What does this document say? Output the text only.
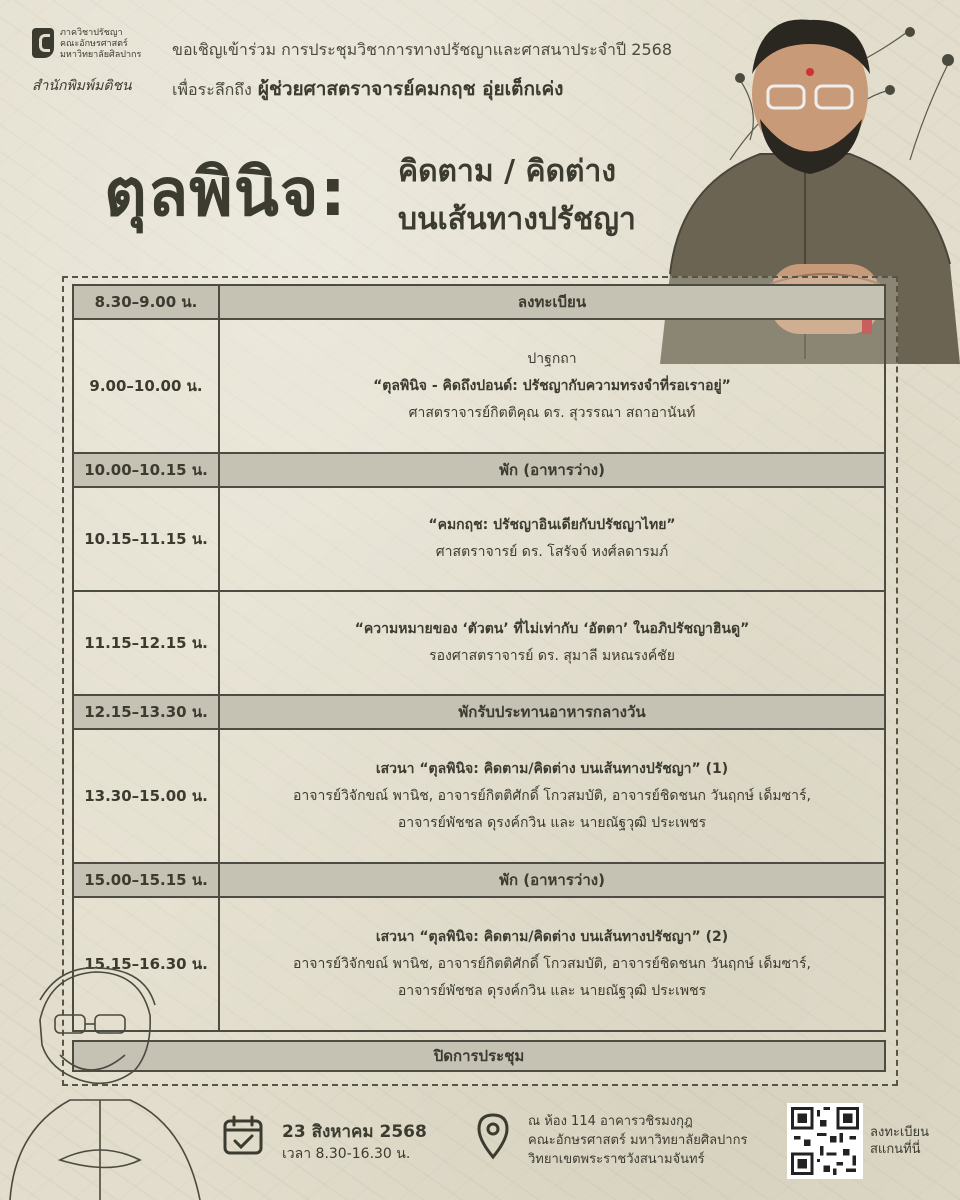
ภาควิชาปรัชญา
คณะอักษรศาสตร์
มหาวิทยาลัยศิลปากร
สำนักพิมพ์มติชน
ขอเชิญเข้าร่วม การประชุมวิชาการทางปรัชญาและศาสนาประจำปี 2568
เพื่อระลึกถึง ผู้ช่วยศาสตราจารย์คมกฤช อุ่ยเต็กเค่ง
ตุลพินิจ: คิดตาม / คิดต่าง
บนเส้นทางปรัชญา
8.30–9.00 น.	ลงทะเบียน
9.00–10.00 น.	ปาฐกถา
“ตุลพินิจ - คิดถึงปอนด์: ปรัชญากับความทรงจำที่รอเราอยู่”
ศาสตราจารย์กิตติคุณ ดร. สุวรรณา สถาอานันท์

10.00–10.15 น.	พัก (อาหารว่าง)
10.15–11.15 น.	“คมกฤช: ปรัชญาอินเดียกับปรัชญาไทย”
ศาสตราจารย์ ดร. โสรัจจ์ หงศ์ลดารมภ์

11.15–12.15 น.	“ความหมายของ ‘ตัวตน’ ที่ไม่เท่ากับ ‘อัตตา’ ในอภิปรัชญาฮินดู”
รองศาสตราจารย์ ดร. สุมาลี มหณรงค์ชัย

12.15–13.30 น.	พักรับประทานอาหารกลางวัน
13.30–15.00 น.	เสวนา “ตุลพินิจ: คิดตาม/คิดต่าง บนเส้นทางปรัชญา” (1)
อาจารย์วิจักขณ์ พานิช, อาจารย์กิตติศักดิ์ โกวสมบัติ, อาจารย์ชิดชนก วันฤกษ์ เด็มซาร์,
อาจารย์พัชชล ดุรงค์กวิน และ นายณัฐวุฒิ ประเพชร

15.00–15.15 น.	พัก (อาหารว่าง)
15.15–16.30 น.	เสวนา “ตุลพินิจ: คิดตาม/คิดต่าง บนเส้นทางปรัชญา” (2)
อาจารย์วิจักขณ์ พานิช, อาจารย์กิตติศักดิ์ โกวสมบัติ, อาจารย์ชิดชนก วันฤกษ์ เด็มซาร์,
อาจารย์พัชชล ดุรงค์กวิน และ นายณัฐวุฒิ ประเพชร
ปิดการประชุม
23 สิงหาคม 2568
เวลา 8.30-16.30 น.
ณ ห้อง 114 อาคารวชิรมงกุฎ
คณะอักษรศาสตร์ มหาวิทยาลัยศิลปากร
วิทยาเขตพระราชวังสนามจันทร์
ลงทะเบียน
สแกนที่นี่
